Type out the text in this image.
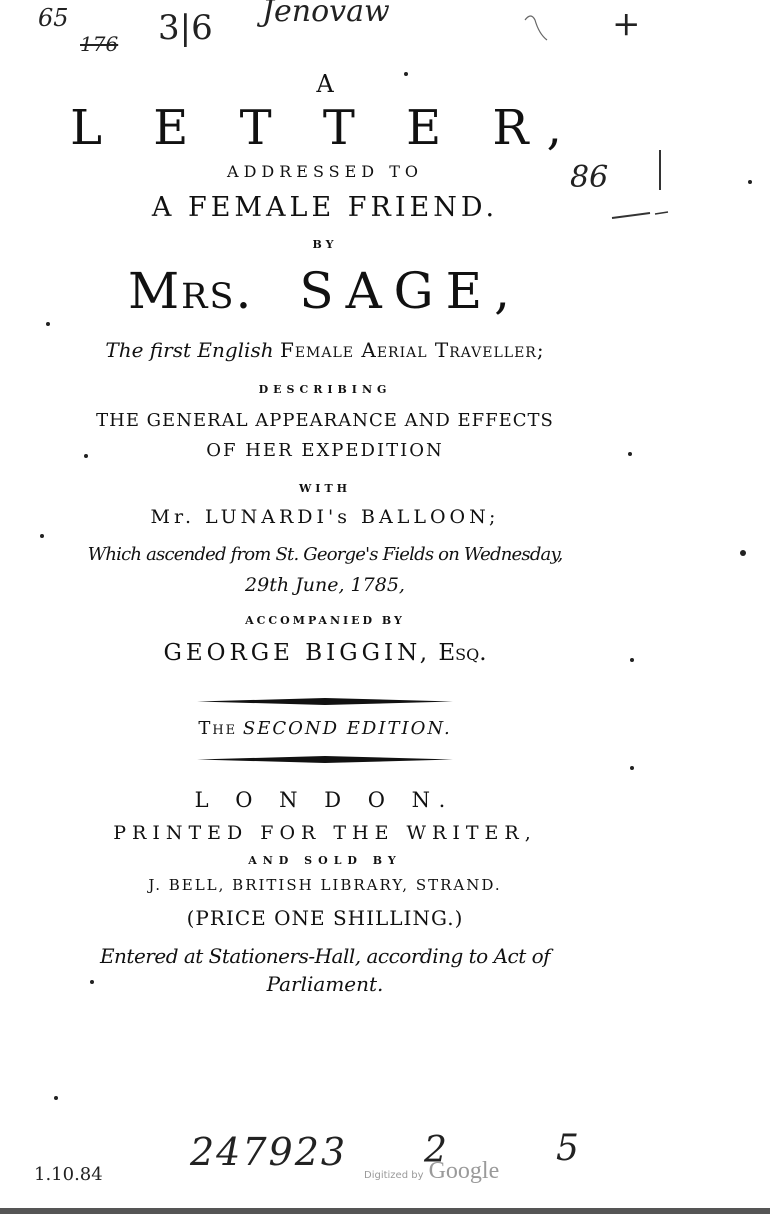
65
176 3|6 Jenovaw	+
86
1.10.84
247923 2	5
A
L E T T E R,
ADDRESSED TO
A FEMALE FRIEND.
BY
Mrs. SAGE,
The first English Female Aerial Traveller;
DESCRIBING
THE GENERAL APPEARANCE AND EFFECTS
OF HER EXPEDITION
WITH
Mr. LUNARDI's BALLOON;
Which ascended from St. George's Fields on Wednesday,
29th June, 1785,
ACCOMPANIED BY
GEORGE BIGGIN, Esq.
The SECOND EDITION.
L O N D O N.
PRINTED FOR THE WRITER,
AND SOLD BY
J. BELL, BRITISH LIBRARY, STRAND.
(PRICE ONE SHILLING.)
Entered at Stationers-Hall, according to Act of
Parliament.
Digitized by Google
